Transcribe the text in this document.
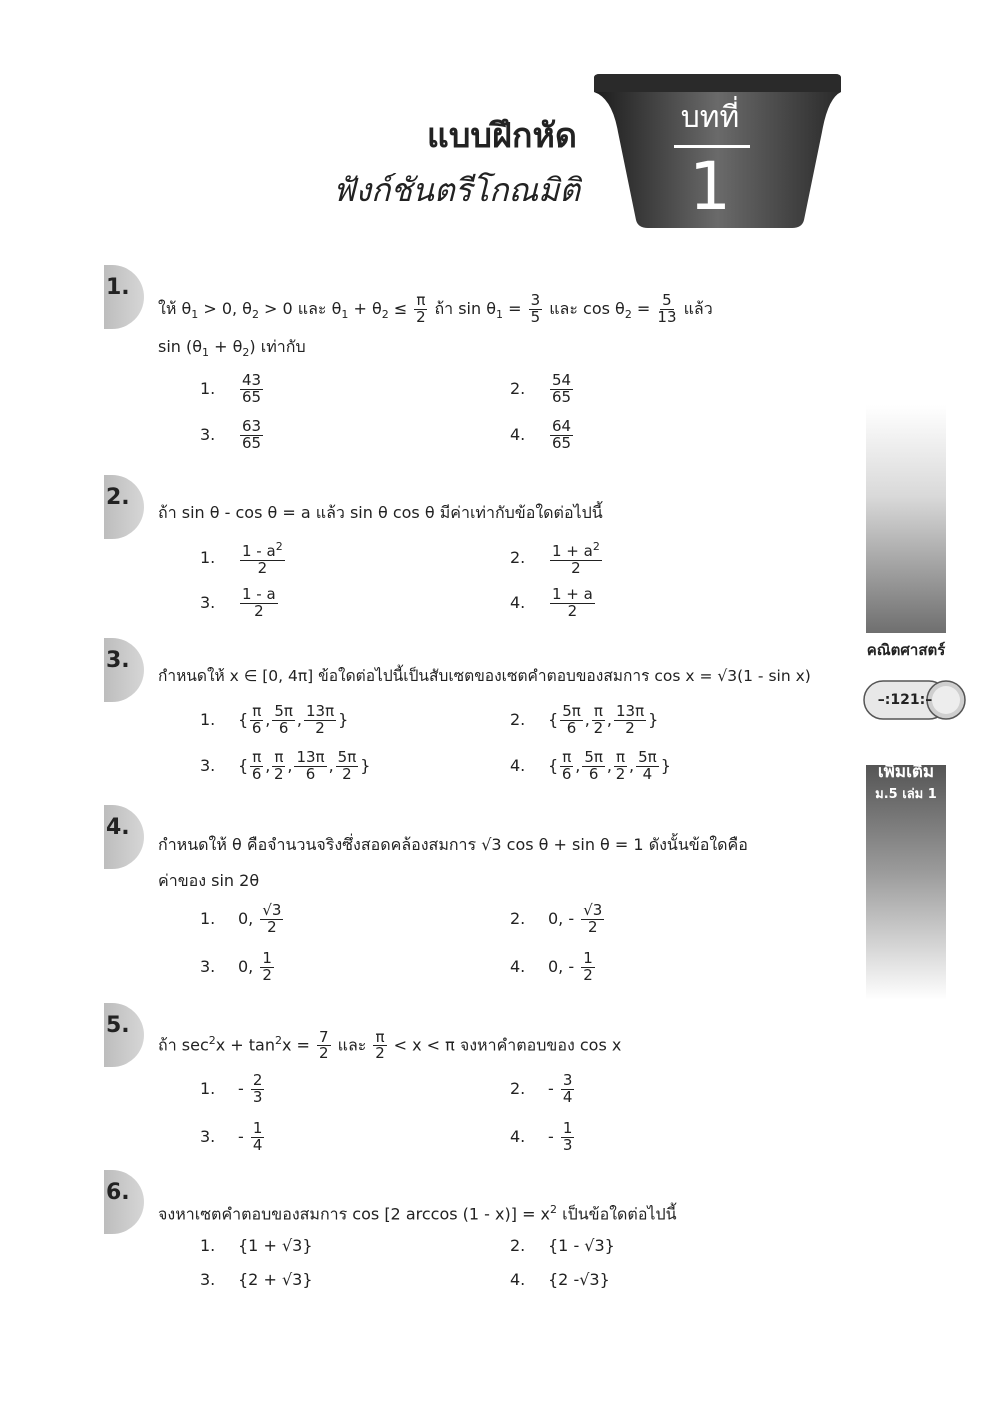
แบบฝึกหัด
ฟังก์ชันตรีโกณมิติ
บทที่
1
คณิตศาสตร์
–:121:–
เพิ่มเติม
ม.5 เล่ม 1
1.
ให้ $\theta_1 > 0$, $\theta_2 > 0$ และ $\theta_1 + \theta_2 \le \frac{\pi}{2}$ ถ้า $\sin \theta_1 = \frac{3}{5}$ และ $\cos \theta_2 = \frac{5}{13}$ แล้ว
$\sin (\theta_1 + \theta_2)$ เท่ากับ
1. $\frac{43}{65}$	2. $\frac{54}{65}$
3. $\frac{63}{65}$	4. $\frac{64}{65}$
2.
ถ้า sin θ - cos θ = a แล้ว sin θ cos θ มีค่าเท่ากับข้อใดต่อไปนี้
1. $\frac{1 - a^2}{2}$	2. $\frac{1 + a^2}{2}$
3. $\frac{1 - a}{2}$	4. $\frac{1 + a}{2}$
3.
กำหนดให้ x ∈ [0, 4π] ข้อใดต่อไปนี้เป็นสับเซตของเซตคำตอบของสมการ cos x = √3(1 - sin x)
1. { $\frac{\pi}{6}$ , $\frac{5\pi}{6}$ , $\frac{13\pi}{2}$ }	2. { $\frac{5\pi}{6}$ , $\frac{\pi}{2}$ , $\frac{13\pi}{2}$ }
3. { $\frac{\pi}{6}$ , $\frac{\pi}{2}$ , $\frac{13\pi}{6}$ , $\frac{5\pi}{2}$ }	4. { $\frac{\pi}{6}$ , $\frac{5\pi}{6}$ , $\frac{\pi}{2}$ , $\frac{5\pi}{4}$ }
4.
กำหนดให้ θ คือจำนวนจริงซึ่งสอดคล้องสมการ √3 cos θ + sin θ = 1 ดังนั้นข้อใดคือ
ค่าของ sin 2θ
1. 0, $\frac{√3}{2}$	2. 0, - $\frac{√3}{2}$
3. 0, $\frac{1}{2}$	4. 0, - $\frac{1}{2}$
5.
ถ้า $\sec^2x + \tan^2x = \frac{7}{2}$ และ $\frac{\pi}{2} < x < \pi$ จงหาคำตอบของ cos x
1. - $\frac{2}{3}$	2. - $\frac{3}{4}$
3. - $\frac{1}{4}$	4. - $\frac{1}{3}$
6.
จงหาเซตคำตอบของสมการ cos [2 $\arccos (1 - x)] = x^2$ เป็นข้อใดต่อไปนี้
1. {1 + √3}	2. {1 - √3}
3. {2 + √3}	4. {2 -√3}
